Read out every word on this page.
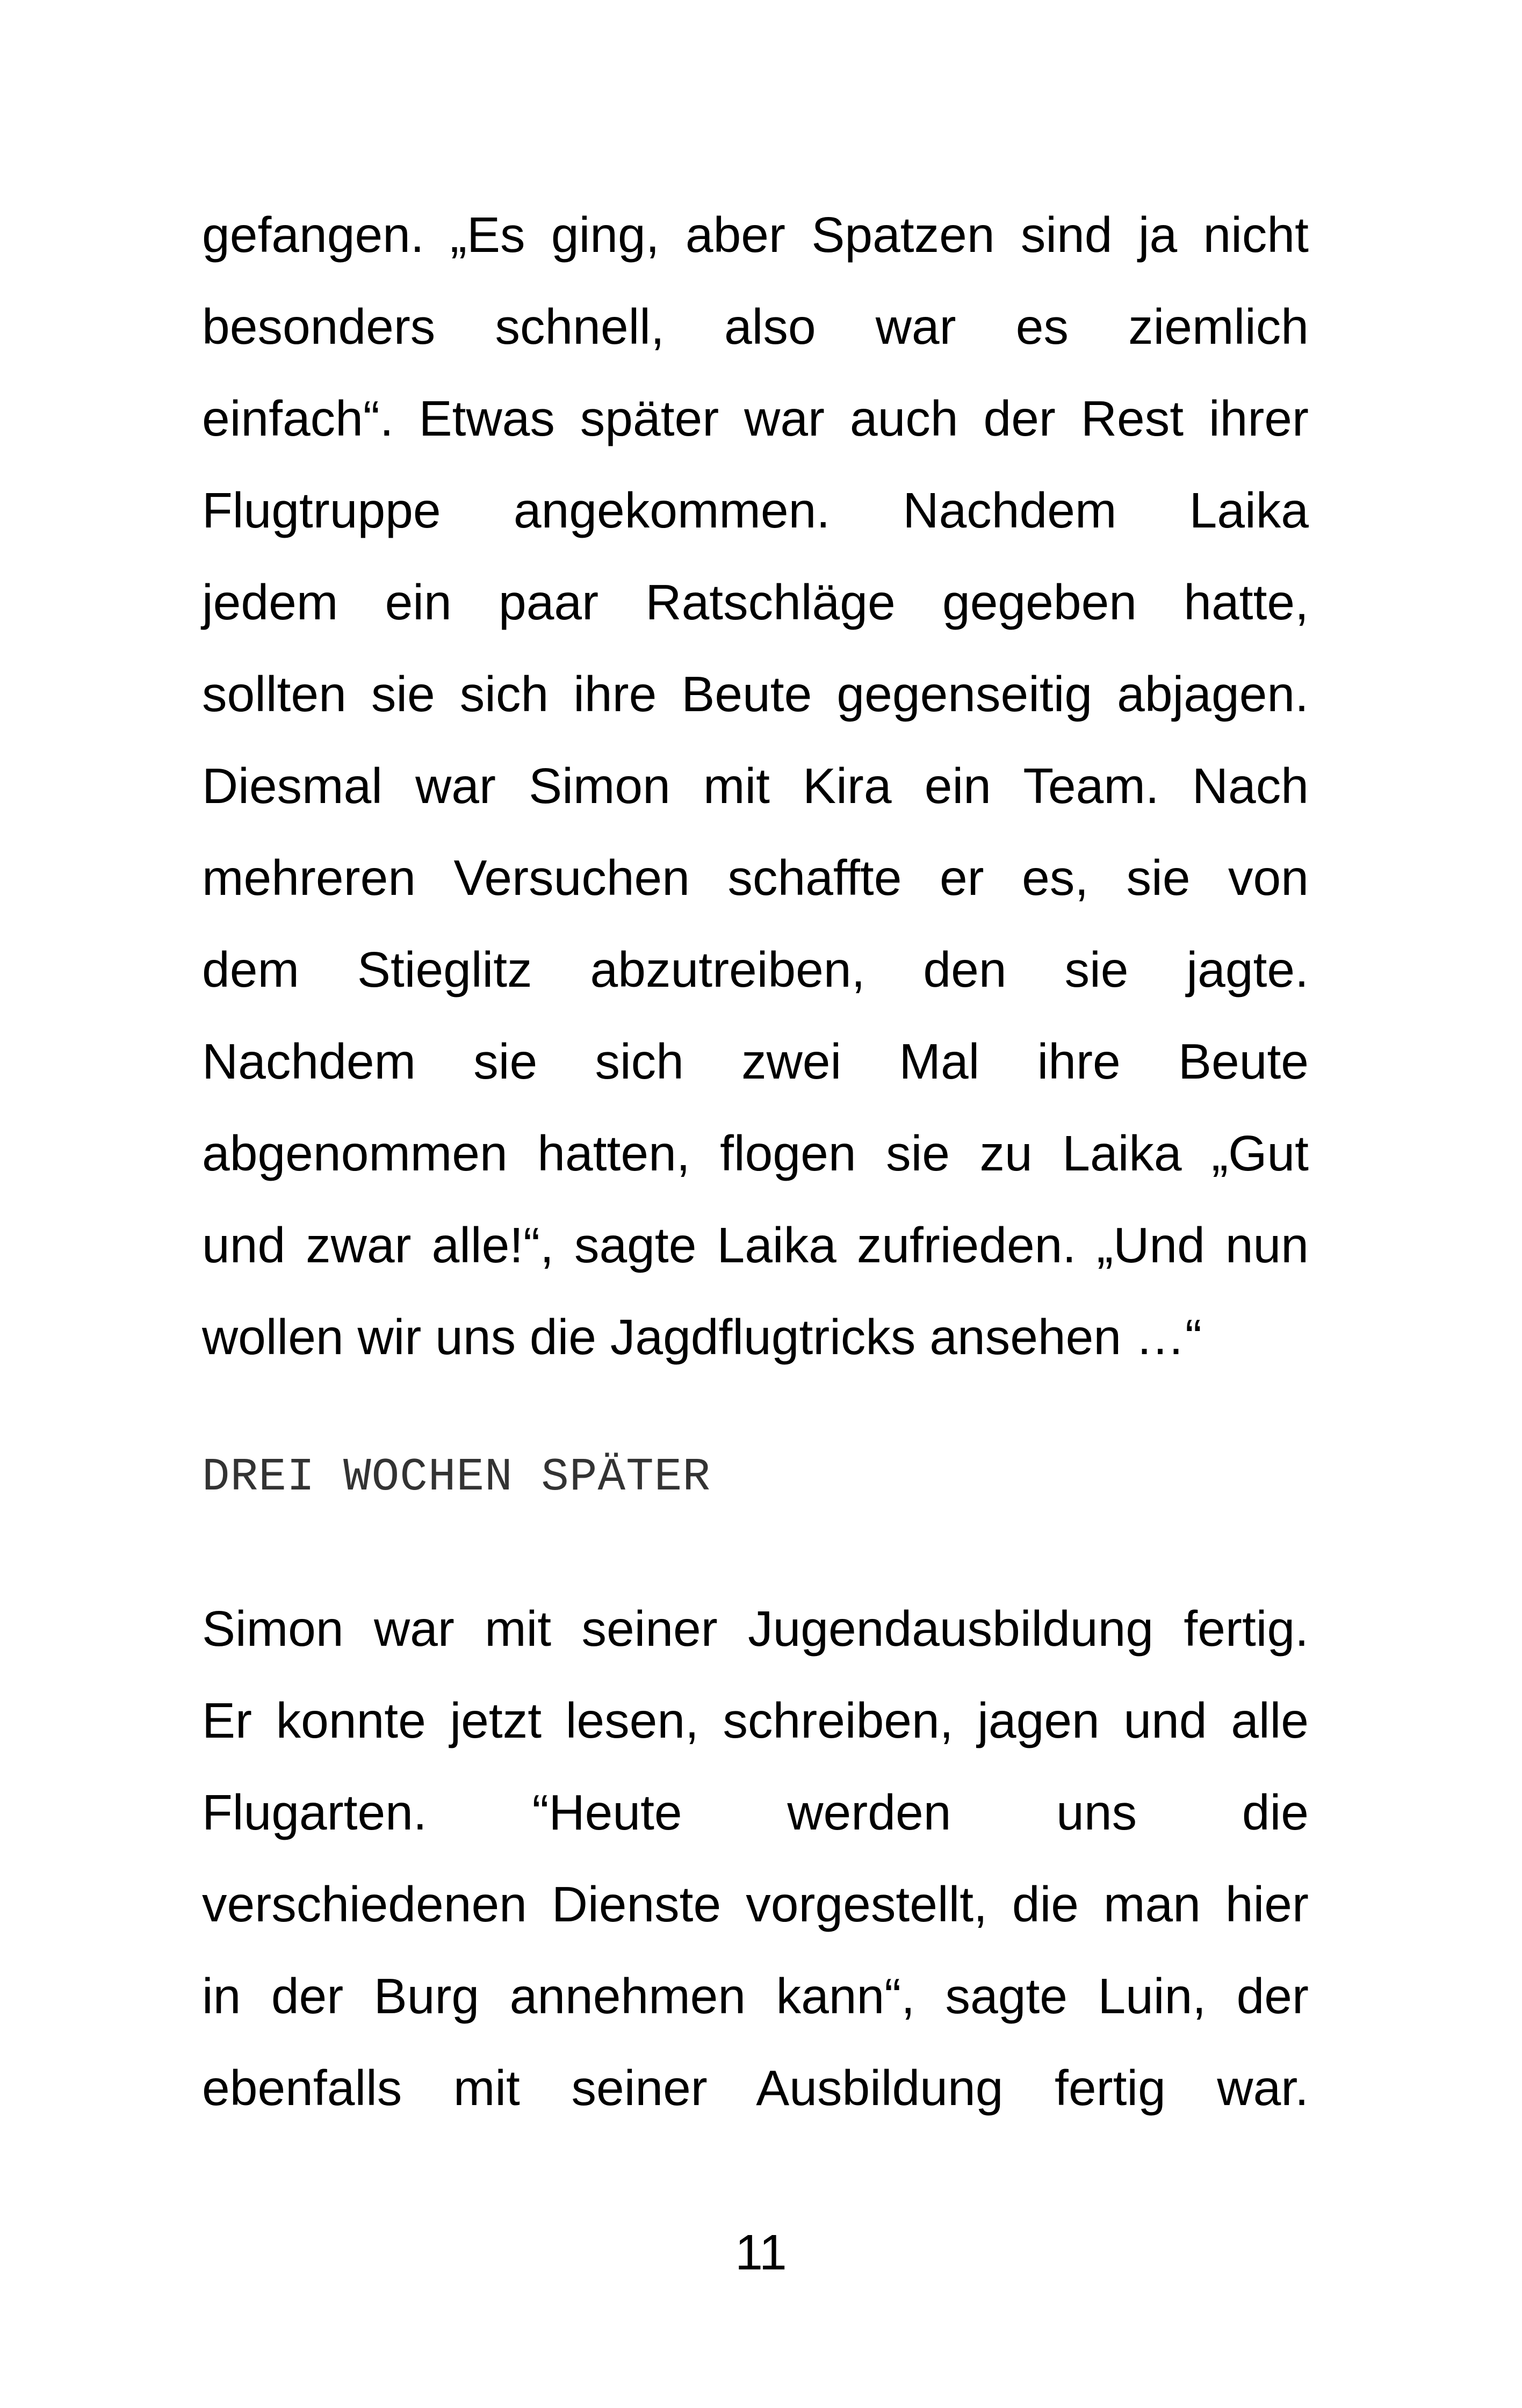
gefangen. „Es ging, aber Spatzen sind ja nicht
besonders schnell, also war es ziemlich
einfach“. Etwas später war auch der Rest ihrer
Flugtruppe angekommen. Nachdem Laika
jedem ein paar Ratschläge gegeben hatte,
sollten sie sich ihre Beute gegenseitig abjagen.
Diesmal war Simon mit Kira ein Team. Nach
mehreren Versuchen schaffte er es, sie von
dem Stieglitz abzutreiben, den sie jagte.
Nachdem sie sich zwei Mal ihre Beute
abgenommen hatten, flogen sie zu Laika „Gut
und zwar alle!“, sagte Laika zufrieden. „Und nun
wollen wir uns die Jagdflugtricks ansehen …“
DREI WOCHEN SPÄTER
Simon war mit seiner Jugendausbildung fertig.
Er konnte jetzt lesen, schreiben, jagen und alle
Flugarten. “Heute werden uns die
verschiedenen Dienste vorgestellt, die man hier
in der Burg annehmen kann“, sagte Luin, der
ebenfalls mit seiner Ausbildung fertig war.
11
